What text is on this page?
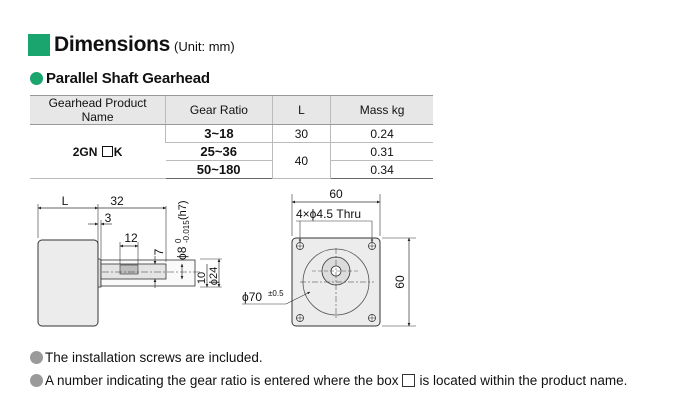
Dimensions (Unit: mm)
Parallel Shaft Gearhead
Gearhead Product Name	Gear Ratio	L	Mass kg
2GN K	3~18	30	0.24
	25~36	40	0.31
	50~180		0.34
L	32
3
12
7 ϕ8
0 -0.015
(h7)
10 ϕ24
60
4×ϕ4.5 Thru
ϕ70 ±0.5
60
The installation screws are included.
A number indicating the gear ratio is entered where the box is located within the product name.
